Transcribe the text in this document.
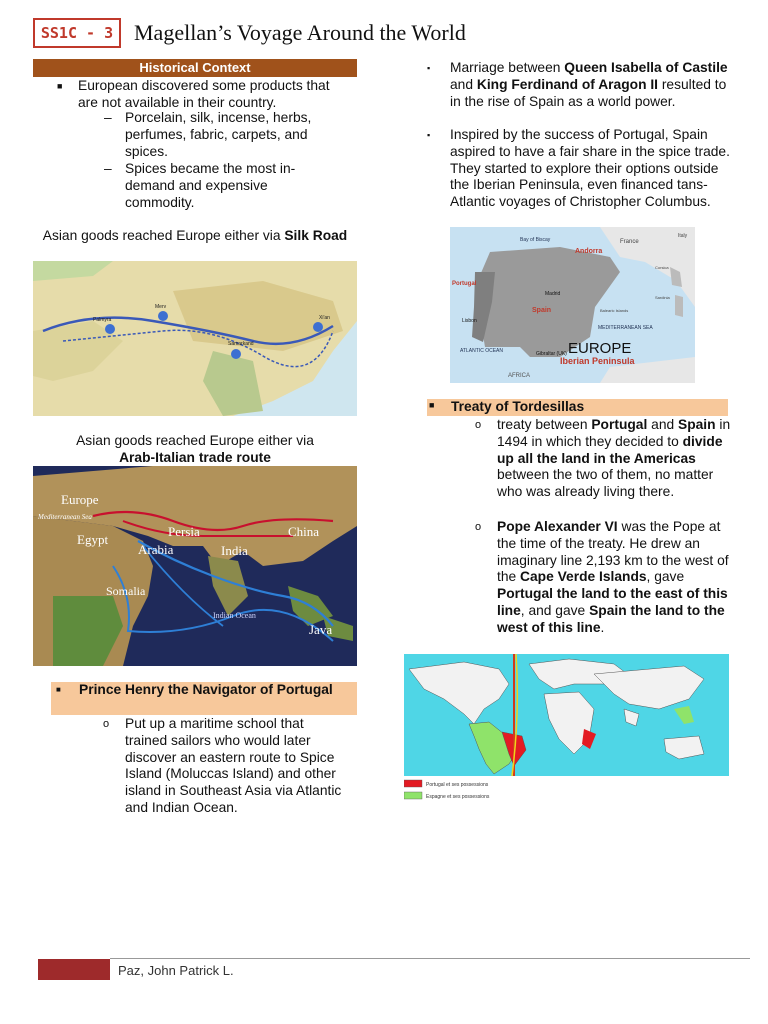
SS1C - 3 Magellan’s Voyage Around the World
Historical Context
■ European discovered some products that are not available in their country.
– Porcelain, silk, incense, herbs, perfumes, fabric, carpets, and spices.
– Spices became the most in-demand and expensive commodity.
Asian goods reached Europe either via Silk Road
Palmyra
Merv
Samarkand
Xi'an
Asian goods reached Europe either via
Arab-Italian trade route
Europe
Mediterranean Sea
Egypt
Persia
Arabia	India
China
Somalia
Indian Ocean
Java
■ Prince Henry the Navigator of Portugal
o Put up a maritime school that trained sailors who would later discover an eastern route to Spice Island (Moluccas Island) and other island in Southeast Asia via Atlantic and Indian Ocean.
▪ Marriage between Queen Isabella of Castile and King Ferdinand of Aragon II resulted to in the rise of Spain as a world power.
▪ Inspired by the success of Portugal, Spain aspired to have a fair share in the spice trade. They started to explore their options outside the Iberian Peninsula, even financed tans-Atlantic voyages of Christopher Columbus.
Bay of Biscay	France
Andorra
Portugal
Madrid
Spain
Lisbon
MEDITERRANEAN SEA
Balearic Islands
Corsica
Sardinia
Italy
ATLANTIC OCEAN	Gibraltar (UK)
AFRICA
EUROPE
Iberian Peninsula
■ Treaty of Tordesillas
o treaty between Portugal and Spain in 1494 in which they decided to divide up all the land in the Americas between the two of them, no matter who was already living there.
o Pope Alexander VI was the Pope at the time of the treaty. He drew an imaginary line 2,193 km to the west of the Cape Verde Islands, gave Portugal the land to the east of this line, and gave Spain the land to the west of this line.
Portugal et ses possessions
Espagne et ses possessions
Paz, John Patrick L.
